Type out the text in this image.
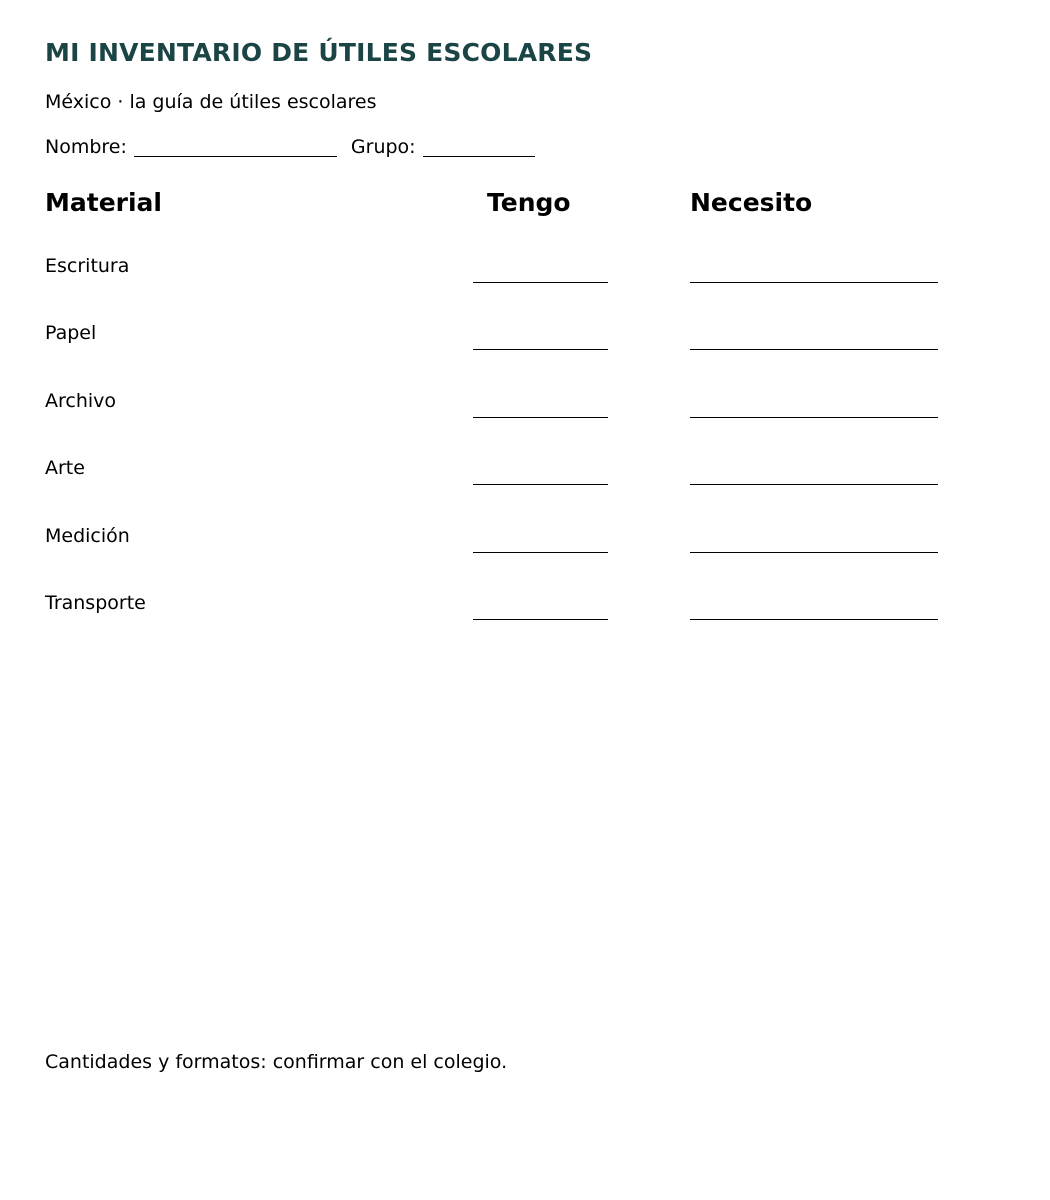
MI INVENTARIO DE ÚTILES ESCOLARES
México · la guía de útiles escolares
Nombre:	Grupo:
Material	Tengo	Necesito
Escritura
Papel
Archivo
Arte
Medición
Transporte
Cantidades y formatos: confirmar con el colegio.
